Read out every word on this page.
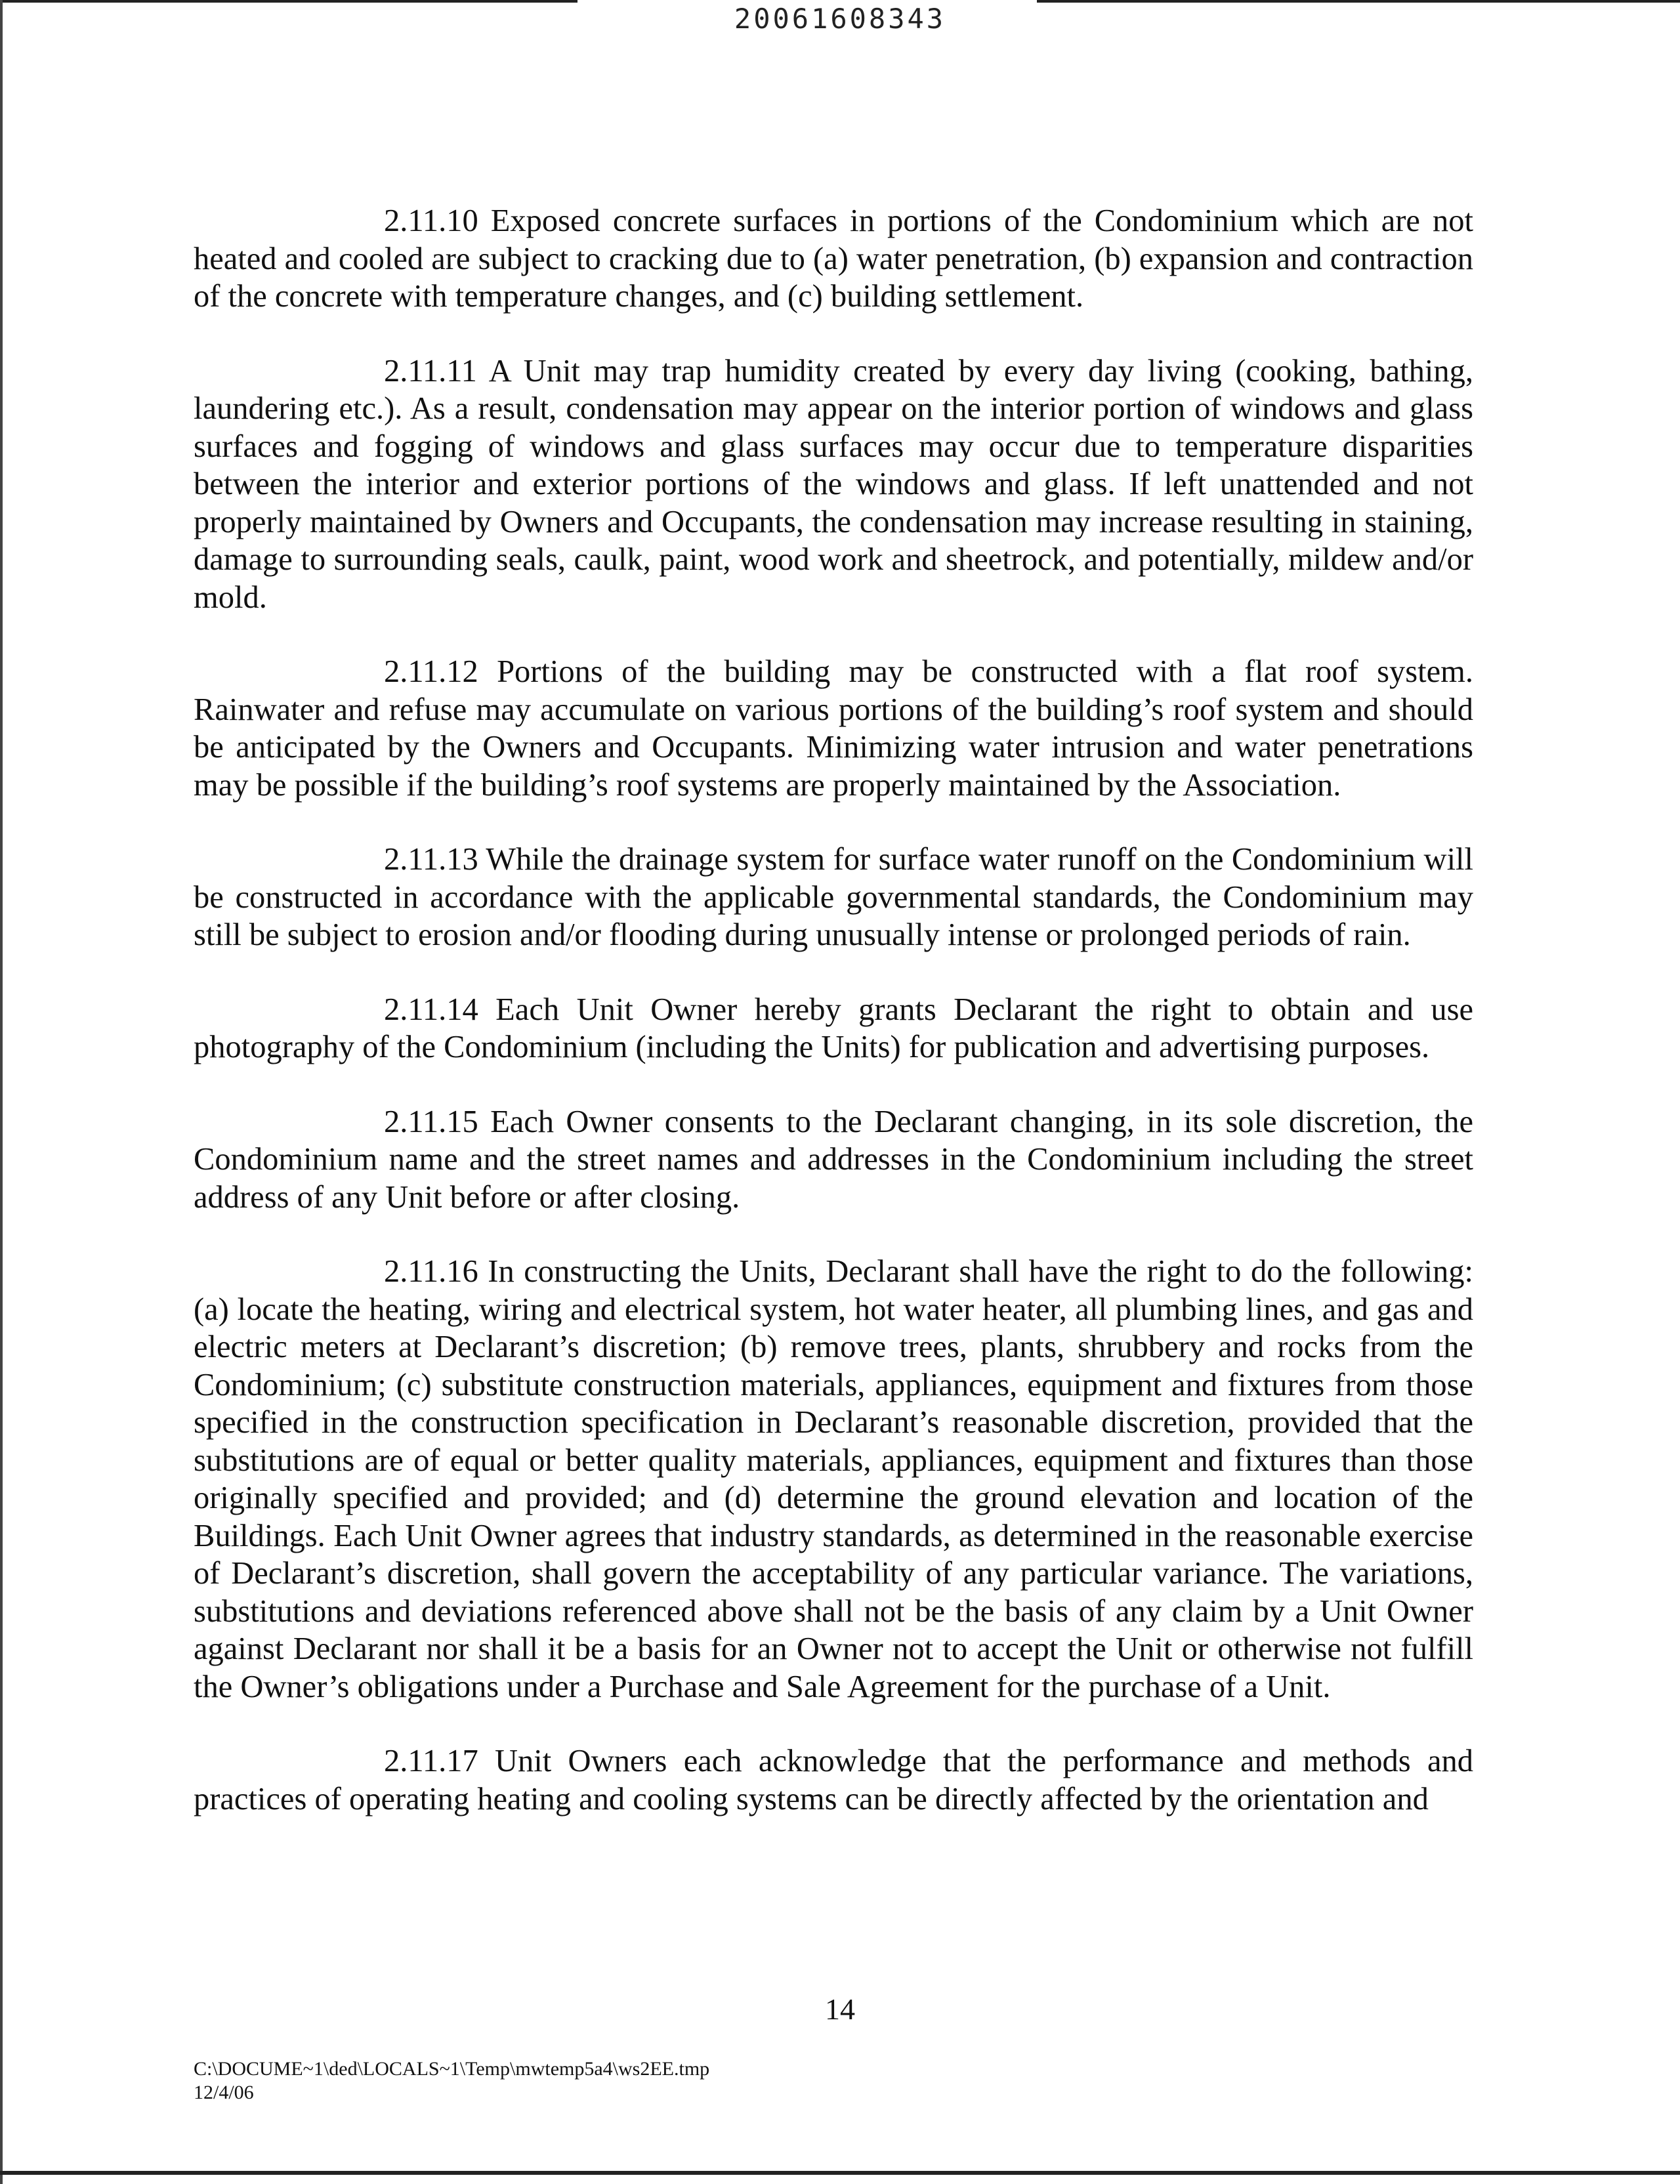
20061608343

2.11.10 Exposed concrete surfaces in portions of the Condominium which are not heated and cooled are subject to cracking due to (a) water penetration, (b) expansion and contraction of the concrete with temperature changes, and (c) building settlement.

2.11.11 A Unit may trap humidity created by every day living (cooking, bathing, laundering etc.). As a result, condensation may appear on the interior portion of windows and glass surfaces and fogging of windows and glass surfaces may occur due to temperature disparities between the interior and exterior portions of the windows and glass. If left unattended and not properly maintained by Owners and Occupants, the condensation may increase resulting in staining, damage to surrounding seals, caulk, paint, wood work and sheetrock, and potentially, mildew and/or mold.

2.11.12 Portions of the building may be constructed with a flat roof system. Rainwater and refuse may accumulate on various portions of the building’s roof system and should be anticipated by the Owners and Occupants. Minimizing water intrusion and water penetrations may be possible if the building’s roof systems are properly maintained by the Association.

2.11.13 While the drainage system for surface water runoff on the Condominium will be constructed in accordance with the applicable governmental standards, the Condominium may still be subject to erosion and/or flooding during unusually intense or prolonged periods of rain.

2.11.14 Each Unit Owner hereby grants Declarant the right to obtain and use photography of the Condominium (including the Units) for publication and advertising purposes.

2.11.15 Each Owner consents to the Declarant changing, in its sole discretion, the Condominium name and the street names and addresses in the Condominium including the street address of any Unit before or after closing.

2.11.16 In constructing the Units, Declarant shall have the right to do the following: (a) locate the heating, wiring and electrical system, hot water heater, all plumbing lines, and gas and electric meters at Declarant’s discretion; (b) remove trees, plants, shrubbery and rocks from the Condominium; (c) substitute construction materials, appliances, equipment and fixtures from those specified in the construction specification in Declarant’s reasonable discretion, provided that the substitutions are of equal or better quality materials, appliances, equipment and fixtures than those originally specified and provided; and (d) determine the ground elevation and location of the Buildings. Each Unit Owner agrees that industry standards, as determined in the reasonable exercise of Declarant’s discretion, shall govern the acceptability of any particular variance. The variations, substitutions and deviations referenced above shall not be the basis of any claim by a Unit Owner against Declarant nor shall it be a basis for an Owner not to accept the Unit or otherwise not fulfill the Owner’s obligations under a Purchase and Sale Agreement for the purchase of a Unit.

2.11.17 Unit Owners each acknowledge that the performance and methods and practices of operating heating and cooling systems can be directly affected by the orientation and

14
C:\DOCUME~1\ded\LOCALS~1\Temp\mwtemp5a4\ws2EE.tmp
12/4/06
